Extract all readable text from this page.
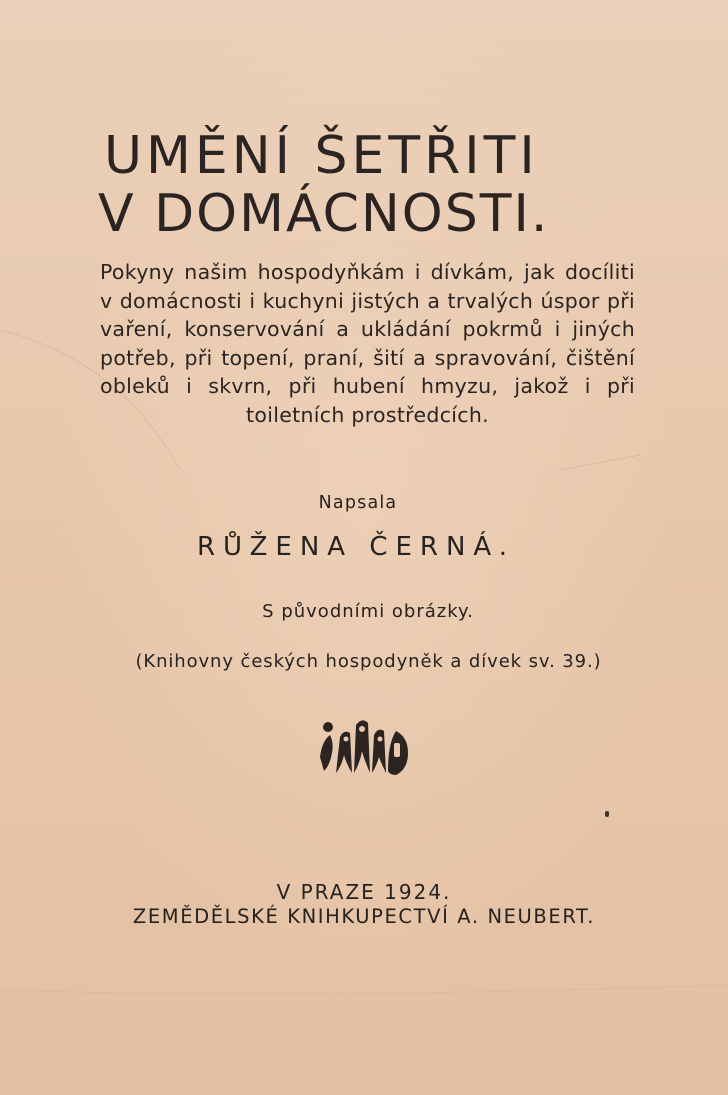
UMĚNÍ ŠETŘITI
V DOMÁCNOSTI.
Pokyny našim hospodyňkám i dívkám, jak docíliti v domácnosti i kuchyni jistých a trvalých úspor při vaření, konservování a ukládání pokrmů i jiných potřeb, při topení, praní, šití a spravování, čištění obleků i skvrn, při hubení hmyzu, jakož i při toiletních prostředcích.
Napsala
RŮŽENA ČERNÁ.
S původními obrázky.
(Knihovny českých hospodyněk a dívek sv. 39.)
V PRAZE 1924.
ZEMĚDĚLSKÉ KNIHKUPECTVÍ A. NEUBERT.
